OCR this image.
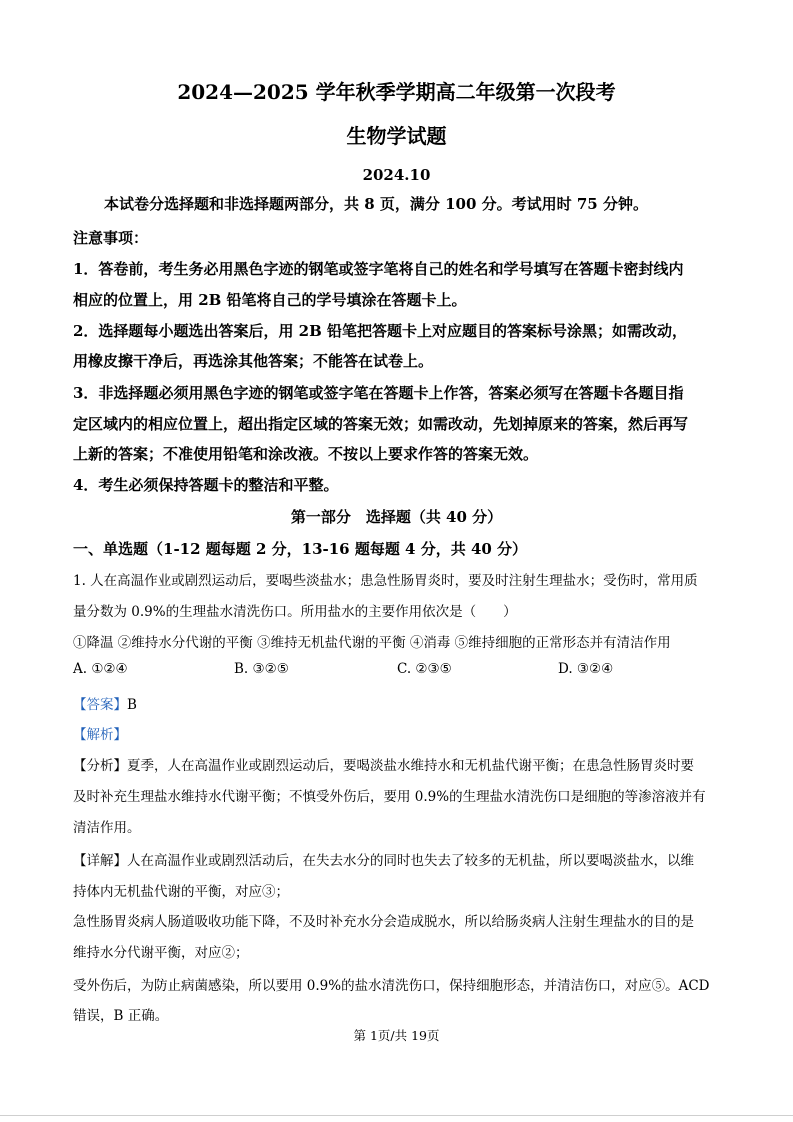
2024—2025 学年秋季学期高二年级第一次段考
生物学试题
2024.10
本试卷分选择题和非选择题两部分，共 8 页，满分 100 分。考试用时 75 分钟。
注意事项：
1．答卷前，考生务必用黑色字迹的钢笔或签字笔将自己的姓名和学号填写在答题卡密封线内
相应的位置上，用 2B 铅笔将自己的学号填涂在答题卡上。
2．选择题每小题选出答案后，用 2B 铅笔把答题卡上对应题目的答案标号涂黑；如需改动，
用橡皮擦干净后，再选涂其他答案；不能答在试卷上。
3．非选择题必须用黑色字迹的钢笔或签字笔在答题卡上作答，答案必须写在答题卡各题目指
定区域内的相应位置上，超出指定区域的答案无效；如需改动，先划掉原来的答案，然后再写
上新的答案；不准使用铅笔和涂改液。不按以上要求作答的答案无效。
4．考生必须保持答题卡的整洁和平整。
第一部分　选择题（共 40 分）
一、单选题（1-12 题每题 2 分，13-16 题每题 4 分，共 40 分）
1. 人在高温作业或剧烈运动后，要喝些淡盐水；患急性肠胃炎时，要及时注射生理盐水；受伤时，常用质
量分数为 0.9%的生理盐水清洗伤口。所用盐水的主要作用依次是（　　）
①降温 ②维持水分代谢的平衡 ③维持无机盐代谢的平衡 ④消毒 ⑤维持细胞的正常形态并有清洁作用
A. ①②④	B. ③②⑤	C. ②③⑤	D. ③②④
【答案】B
【解析】
【分析】夏季，人在高温作业或剧烈运动后，要喝淡盐水维持水和无机盐代谢平衡；在患急性肠胃炎时要
及时补充生理盐水维持水代谢平衡；不慎受外伤后，要用 0.9%的生理盐水清洗伤口是细胞的等渗溶液并有
清洁作用。
【详解】人在高温作业或剧烈活动后，在失去水分的同时也失去了较多的无机盐，所以要喝淡盐水，以维
持体内无机盐代谢的平衡，对应③；
急性肠胃炎病人肠道吸收功能下降，不及时补充水分会造成脱水，所以给肠炎病人注射生理盐水的目的是
维持水分代谢平衡，对应②；
受外伤后，为防止病菌感染，所以要用 0.9%的盐水清洗伤口，保持细胞形态，并清洁伤口，对应⑤。ACD
错误，B 正确。
第 1页/共 19页
